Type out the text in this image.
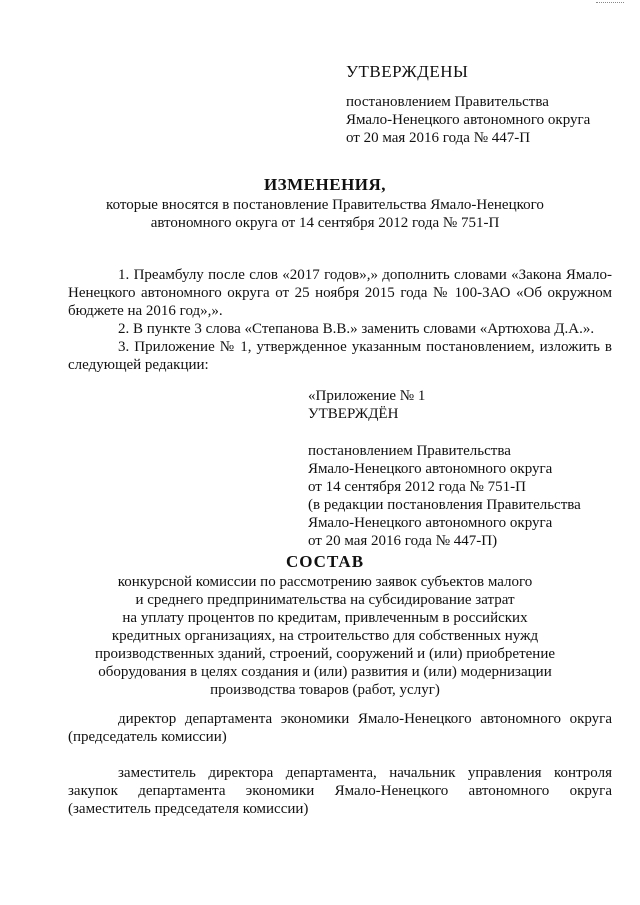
УТВЕРЖДЕНЫ
постановлением Правительства
Ямало-Ненецкого автономного округа
от 20 мая 2016 года № 447-П
ИЗМЕНЕНИЯ,
которые вносятся в постановление Правительства Ямало-Ненецкого
автономного округа от 14 сентября 2012 года № 751-П

1. Преамбулу после слов «2017 годов»,» дополнить словами «Закона Ямало-Ненецкого автономного округа от 25 ноября 2015 года № 100-ЗАО «Об окружном бюджете на 2016 год»,».

2. В пункте 3 слова «Степанова В.В.» заменить словами «Артюхова Д.А.».

3. Приложение № 1, утвержденное указанным постановлением, изложить в следующей редакции:

«Приложение № 1
УТВЕРЖДЁН
постановлением Правительства
Ямало-Ненецкого автономного округа
от 14 сентября 2012 года № 751-П
(в редакции постановления Правительства
Ямало-Ненецкого автономного округа
от 20 мая 2016 года № 447-П)
СОСТАВ
конкурсной комиссии по рассмотрению заявок субъектов малого
и среднего предпринимательства на субсидирование затрат
на уплату процентов по кредитам, привлеченным в российских
кредитных организациях, на строительство для собственных нужд
производственных зданий, строений, сооружений и (или) приобретение
оборудования в целях создания и (или) развития и (или) модернизации
производства товаров (работ, услуг)

директор департамента экономики Ямало-Ненецкого автономного округа (председатель комиссии)

заместитель директора департамента, начальник управления контроля закупок департамента экономики Ямало-Ненецкого автономного округа (заместитель председателя комиссии)
